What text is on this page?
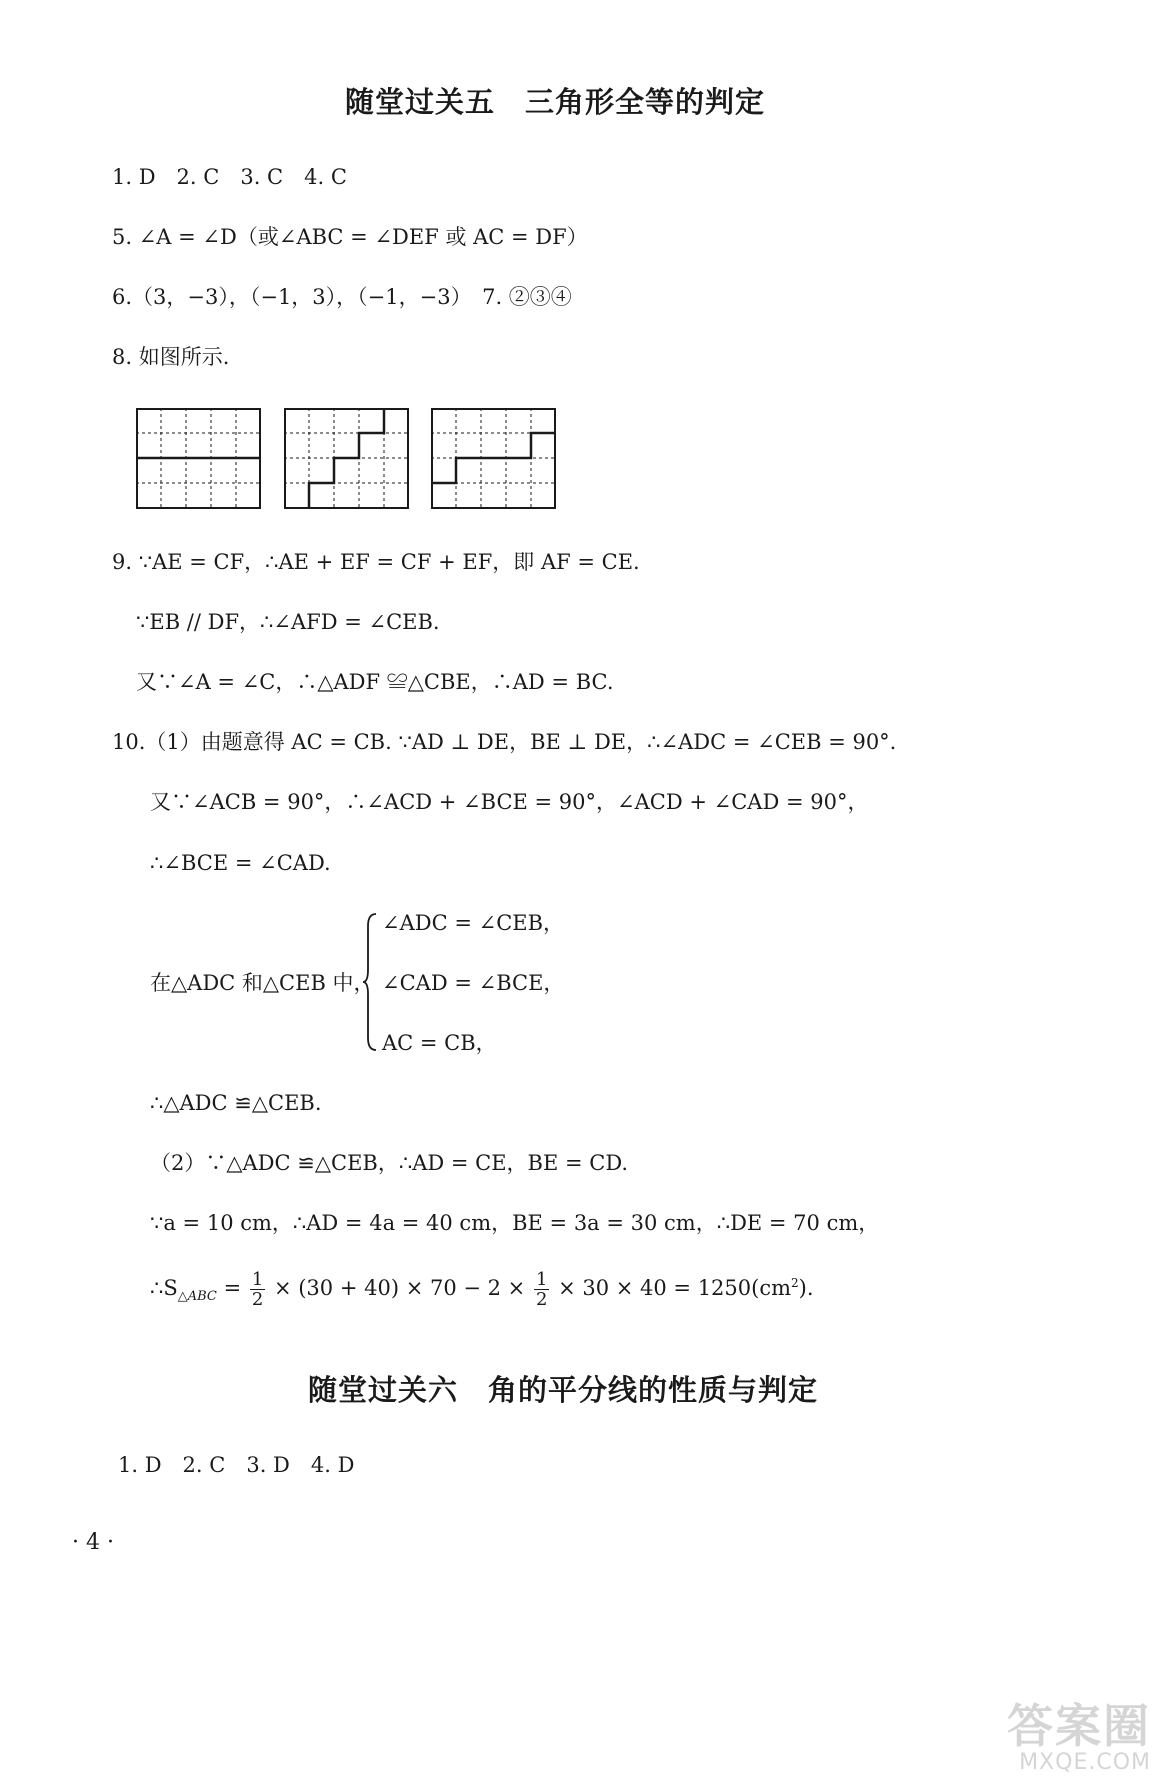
随堂过关五　三角形全等的判定
1. D　2. C　3. C　4. C
5. ∠A = ∠D（或∠ABC = ∠DEF 或 AC = DF）
6.（3，−3），（−1，3），（−1，−3）　7. ②③④
8. 如图所示.
9. ∵AE = CF，∴AE + EF = CF + EF，即 AF = CE.
∵EB // DF，∴∠AFD = ∠CEB.
又∵∠A = ∠C，∴△ADF ≌△CBE，∴AD = BC.
10.（1）由题意得 AC = CB. ∵AD ⊥ DE，BE ⊥ DE，∴∠ADC = ∠CEB = 90°.
又∵∠ACB = 90°，∴∠ACD + ∠BCE = 90°，∠ACD + ∠CAD = 90°，
∴∠BCE = ∠CAD.
在△ADC 和△CEB 中，
∠ADC = ∠CEB，
∠CAD = ∠BCE，
AC = CB，
∴△ADC ≌△CEB.
（2）∵△ADC ≌△CEB，∴AD = CE，BE = CD.
∵a = 10 cm，∴AD = 4a = 40 cm，BE = 3a = 30 cm，∴DE = 70 cm，
$\therefore S_{\triangle ABC} = \frac{1}{2} \times (30 + 40) \times 70 - 2 \times \frac{1}{2} \times 30 \times 40 = 1250(cm^2)$.
随堂过关六　角的平分线的性质与判定
1. D　2. C　3. D　4. D
· 4 ·
答案圈
MXQE.COM
